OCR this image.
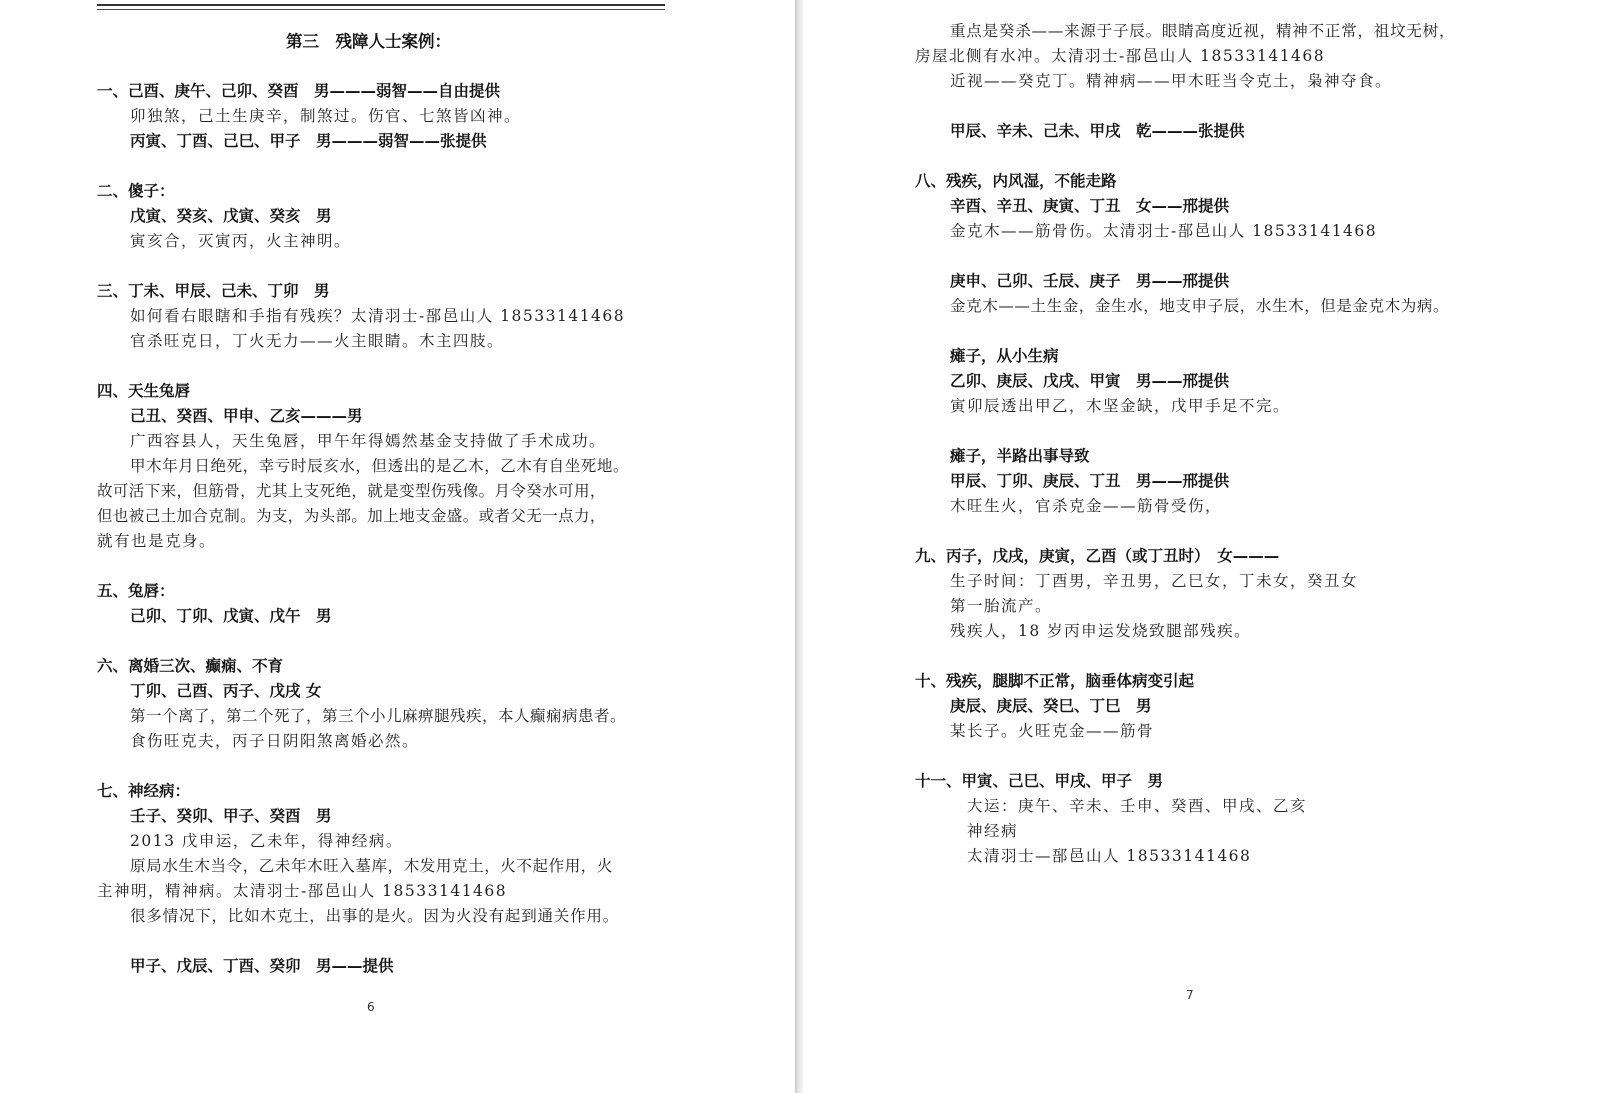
第三　残障人士案例：
一、己酉、庚午、己卯、癸酉　男———弱智——自由提供
卯独煞，己土生庚辛，制煞过。伤官、七煞皆凶神。
丙寅、丁酉、己巳、甲子　男———弱智——张提供
二、傻子：
戊寅、癸亥、戊寅、癸亥　男
寅亥合，灭寅丙，火主神明。
三、丁未、甲辰、己未、丁卯　男
如何看右眼瞎和手指有残疾？太清羽士-郚邑山人 18533141468
官杀旺克日，丁火无力——火主眼睛。木主四肢。
四、天生兔唇
己丑、癸酉、甲申、乙亥———男
广西容县人，天生兔唇，甲午年得嫣然基金支持做了手术成功。
甲木年月日绝死，幸亏时辰亥水，但透出的是乙木，乙木有自坐死地。
故可活下来，但筋骨，尤其上支死绝，就是变型伤残像。月令癸水可用，
但也被己土加合克制。为支，为头部。加上地支金盛。或者父无一点力，
就有也是克身。
五、兔唇：
己卯、丁卯、戊寅、戊午　男
六、离婚三次、癫痫、不育
丁卯、己酉、丙子、戊戌 女
第一个离了，第二个死了，第三个小儿麻痹腿残疾，本人癫痫病患者。
食伤旺克夫，丙子日阴阳煞离婚必然。
七、神经病：
壬子、癸卯、甲子、癸酉　男
2013 戊申运，乙未年，得神经病。
原局水生木当令，乙未年木旺入墓库，木发用克土，火不起作用，火
主神明，精神病。太清羽士-郚邑山人 18533141468
很多情况下，比如木克土，出事的是火。因为火没有起到通关作用。
甲子、戊辰、丁酉、癸卯　男——提供
6
重点是癸杀——来源于子辰。眼睛高度近视，精神不正常，祖坟无树，
房屋北侧有水冲。太清羽士-郚邑山人 18533141468
近视——癸克丁。精神病——甲木旺当令克土，枭神夺食。
甲辰、辛未、己未、甲戌　乾———张提供
八、残疾，内风湿，不能走路
辛酉、辛丑、庚寅、丁丑　女——邢提供
金克木——筋骨伤。太清羽士-郚邑山人 18533141468
庚申、己卯、壬辰、庚子　男——邢提供
金克木——土生金，金生水，地支申子辰，水生木，但是金克木为病。
瘫子，从小生病
乙卯、庚辰、戊戌、甲寅　男——邢提供
寅卯辰透出甲乙，木坚金缺，戊甲手足不完。
瘫子，半路出事导致
甲辰、丁卯、庚辰、丁丑　男——邢提供
木旺生火，官杀克金——筋骨受伤，
九、丙子，戊戌，庚寅，乙酉（或丁丑时）　女———
生子时间：丁酉男，辛丑男，乙巳女，丁未女，癸丑女
第一胎流产。
残疾人，18 岁丙申运发烧致腿部残疾。
十、残疾，腿脚不正常，脑垂体病变引起
庚辰、庚辰、癸巳、丁巳　男
某长子。火旺克金——筋骨
十一、甲寅、己巳、甲戌、甲子　男
大运：庚午、辛未、壬申、癸酉、甲戌、乙亥
神经病
太清羽士—郚邑山人 18533141468
7
